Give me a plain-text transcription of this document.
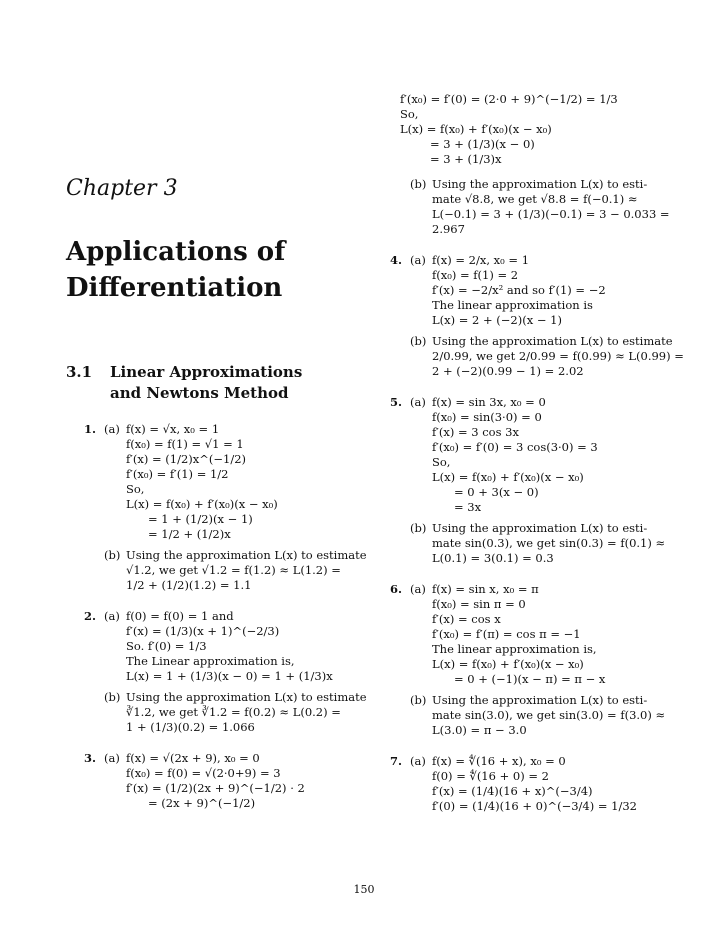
Chapter 3
Applications of
Differentiation
3.1	Linear Approximations
and Newtons Method
1. (a) f(x) = √x, x₀ = 1
f(x₀) = f(1) = √1 = 1
f′(x) = (1/2)x^(−1/2)
f′(x₀) = f′(1) = 1/2
So,
L(x) = f(x₀) + f′(x₀)(x − x₀)
= 1 + (1/2)(x − 1)
= 1/2 + (1/2)x
(b) Using the approximation L(x) to estimate
√1.2, we get √1.2 = f(1.2) ≈ L(1.2) =
1/2 + (1/2)(1.2) = 1.1
2. (a) f(0) = f(0) = 1 and
f′(x) = (1/3)(x + 1)^(−2/3)
So. f′(0) = 1/3
The Linear approximation is,
L(x) = 1 + (1/3)(x − 0) = 1 + (1/3)x
(b) Using the approximation L(x) to estimate
∛1.2, we get ∛1.2 = f(0.2) ≈ L(0.2) =
1 + (1/3)(0.2) = 1.066
3. (a) f(x) = √(2x + 9), x₀ = 0
f(x₀) = f(0) = √(2·0+9) = 3
f′(x) = (1/2)(2x + 9)^(−1/2) · 2
= (2x + 9)^(−1/2)
f′(x₀) = f′(0) = (2·0 + 9)^(−1/2) = 1/3
So,
L(x) = f(x₀) + f′(x₀)(x − x₀)
= 3 + (1/3)(x − 0)
= 3 + (1/3)x
(b) Using the approximation L(x) to esti-
mate √8.8, we get √8.8 = f(−0.1) ≈
L(−0.1) = 3 + (1/3)(−0.1) = 3 − 0.033 =
2.967
4. (a) f(x) = 2/x, x₀ = 1
f(x₀) = f(1) = 2
f′(x) = −2/x² and so f′(1) = −2
The linear approximation is
L(x) = 2 + (−2)(x − 1)
(b) Using the approximation L(x) to estimate
2/0.99, we get 2/0.99 = f(0.99) ≈ L(0.99) =
2 + (−2)(0.99 − 1) = 2.02
5. (a) f(x) = sin 3x, x₀ = 0
f(x₀) = sin(3·0) = 0
f′(x) = 3 cos 3x
f′(x₀) = f′(0) = 3 cos(3·0) = 3
So,
L(x) = f(x₀) + f′(x₀)(x − x₀)
= 0 + 3(x − 0)
= 3x
(b) Using the approximation L(x) to esti-
mate sin(0.3), we get sin(0.3) = f(0.1) ≈
L(0.1) = 3(0.1) = 0.3
6. (a) f(x) = sin x, x₀ = π
f(x₀) = sin π = 0
f′(x) = cos x
f′(x₀) = f′(π) = cos π = −1
The linear approximation is,
L(x) = f(x₀) + f′(x₀)(x − x₀)
= 0 + (−1)(x − π) = π − x
(b) Using the approximation L(x) to esti-
mate sin(3.0), we get sin(3.0) = f(3.0) ≈
L(3.0) = π − 3.0
7. (a) f(x) = ∜(16 + x), x₀ = 0
f(0) = ∜(16 + 0) = 2
f′(x) = (1/4)(16 + x)^(−3/4)
f′(0) = (1/4)(16 + 0)^(−3/4) = 1/32
150
